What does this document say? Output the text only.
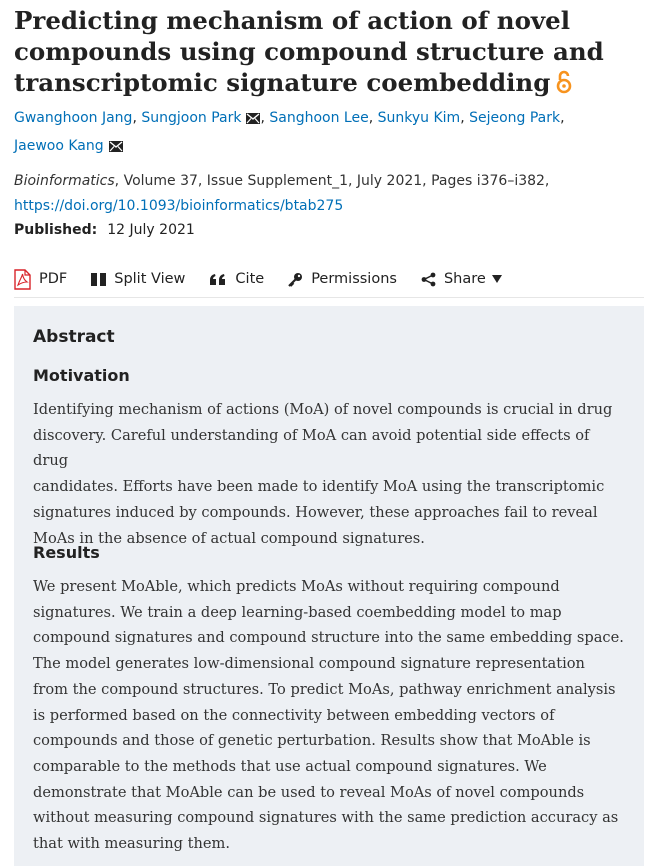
Predicting mechanism of action of novel compounds using compound structure and transcriptomic signature coembedding
Gwanghoon Jang, Sungjoon Park , Sanghoon Lee, Sunkyu Kim, Sejeong Park,
Jaewoo Kang
Bioinformatics, Volume 37, Issue Supplement_1, July 2021, Pages i376–i382,
https://doi.org/10.1093/bioinformatics/btab275
Published: 12 July 2021
PDF	Split View	Cite	Permissions	Share
Abstract
Motivation

Identifying mechanism of actions (MoA) of novel compounds is crucial in drug
discovery. Careful understanding of MoA can avoid potential side effects of drug
candidates. Efforts have been made to identify MoA using the transcriptomic
signatures induced by compounds. However, these approaches fail to reveal
MoAs in the absence of actual compound signatures.

Results

We present MoAble, which predicts MoAs without requiring compound
signatures. We train a deep learning-based coembedding model to map
compound signatures and compound structure into the same embedding space.
The model generates low-dimensional compound signature representation
from the compound structures. To predict MoAs, pathway enrichment analysis
is performed based on the connectivity between embedding vectors of
compounds and those of genetic perturbation. Results show that MoAble is
comparable to the methods that use actual compound signatures. We
demonstrate that MoAble can be used to reveal MoAs of novel compounds
without measuring compound signatures with the same prediction accuracy as
that with measuring them.
